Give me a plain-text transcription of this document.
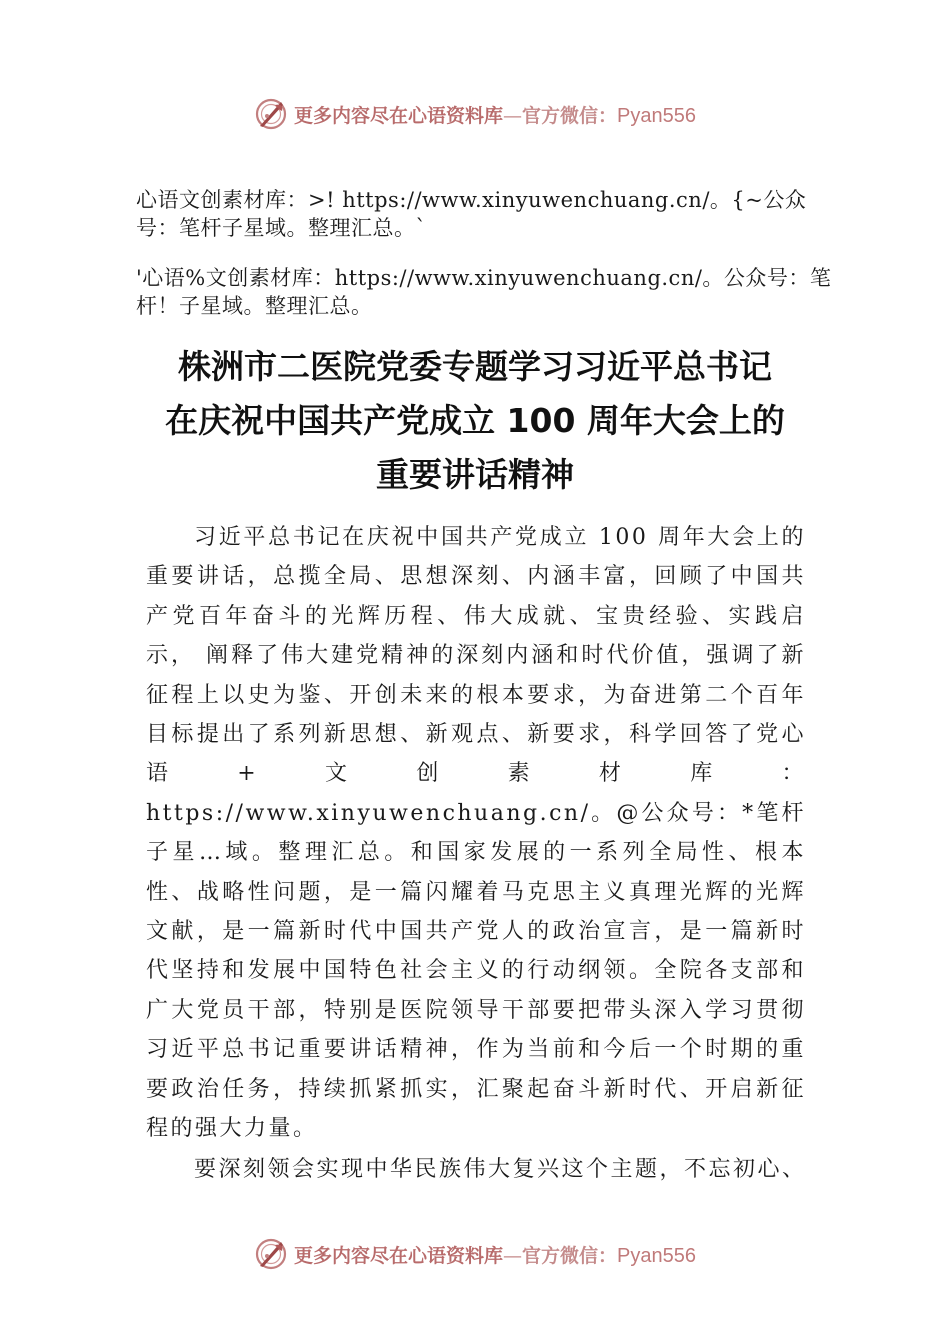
更多内容尽在心语资料库—官方微信：Pyan556
心语文创素材库：>! https://www.xinyuwenchuang.cn/。{~公众号：笔杆子星域。整理汇总。`
'心语%文创素材库：https://www.xinyuwenchuang.cn/。公众号：笔杆！子星域。整理汇总。
株洲市二医院党委专题学习习近平总书记
在庆祝中国共产党成立 100 周年大会上的
重要讲话精神
习近平总书记在庆祝中国共产党成立 100 周年大会上的重要讲话，总揽全局、思想深刻、内涵丰富，回顾了中国共产党百年奋斗的光辉历程、伟大成就、宝贵经验、实践启示， 阐释了伟大建党精神的深刻内涵和时代价值，强调了新征程上以史为鉴、开创未来的根本要求，为奋进第二个百年目标提出了系列新思想、新观点、新要求，科学回答了党心语+文创素材库：https://www.xinyuwenchuang.cn/。@公众号：*笔杆子星…域。整理汇总。和国家发展的一系列全局性、根本性、战略性问题，是一篇闪耀着马克思主义真理光辉的光辉文献，是一篇新时代中国共产党人的政治宣言，是一篇新时代坚持和发展中国特色社会主义的行动纲领。全院各支部和广大党员干部，特别是医院领导干部要把带头深入学习贯彻习近平总书记重要讲话精神，作为当前和今后一个时期的重要政治任务，持续抓紧抓实，汇聚起奋斗新时代、开启新征程的强大力量。
要深刻领会实现中华民族伟大复兴这个主题，不忘初心、
更多内容尽在心语资料库—官方微信：Pyan556
